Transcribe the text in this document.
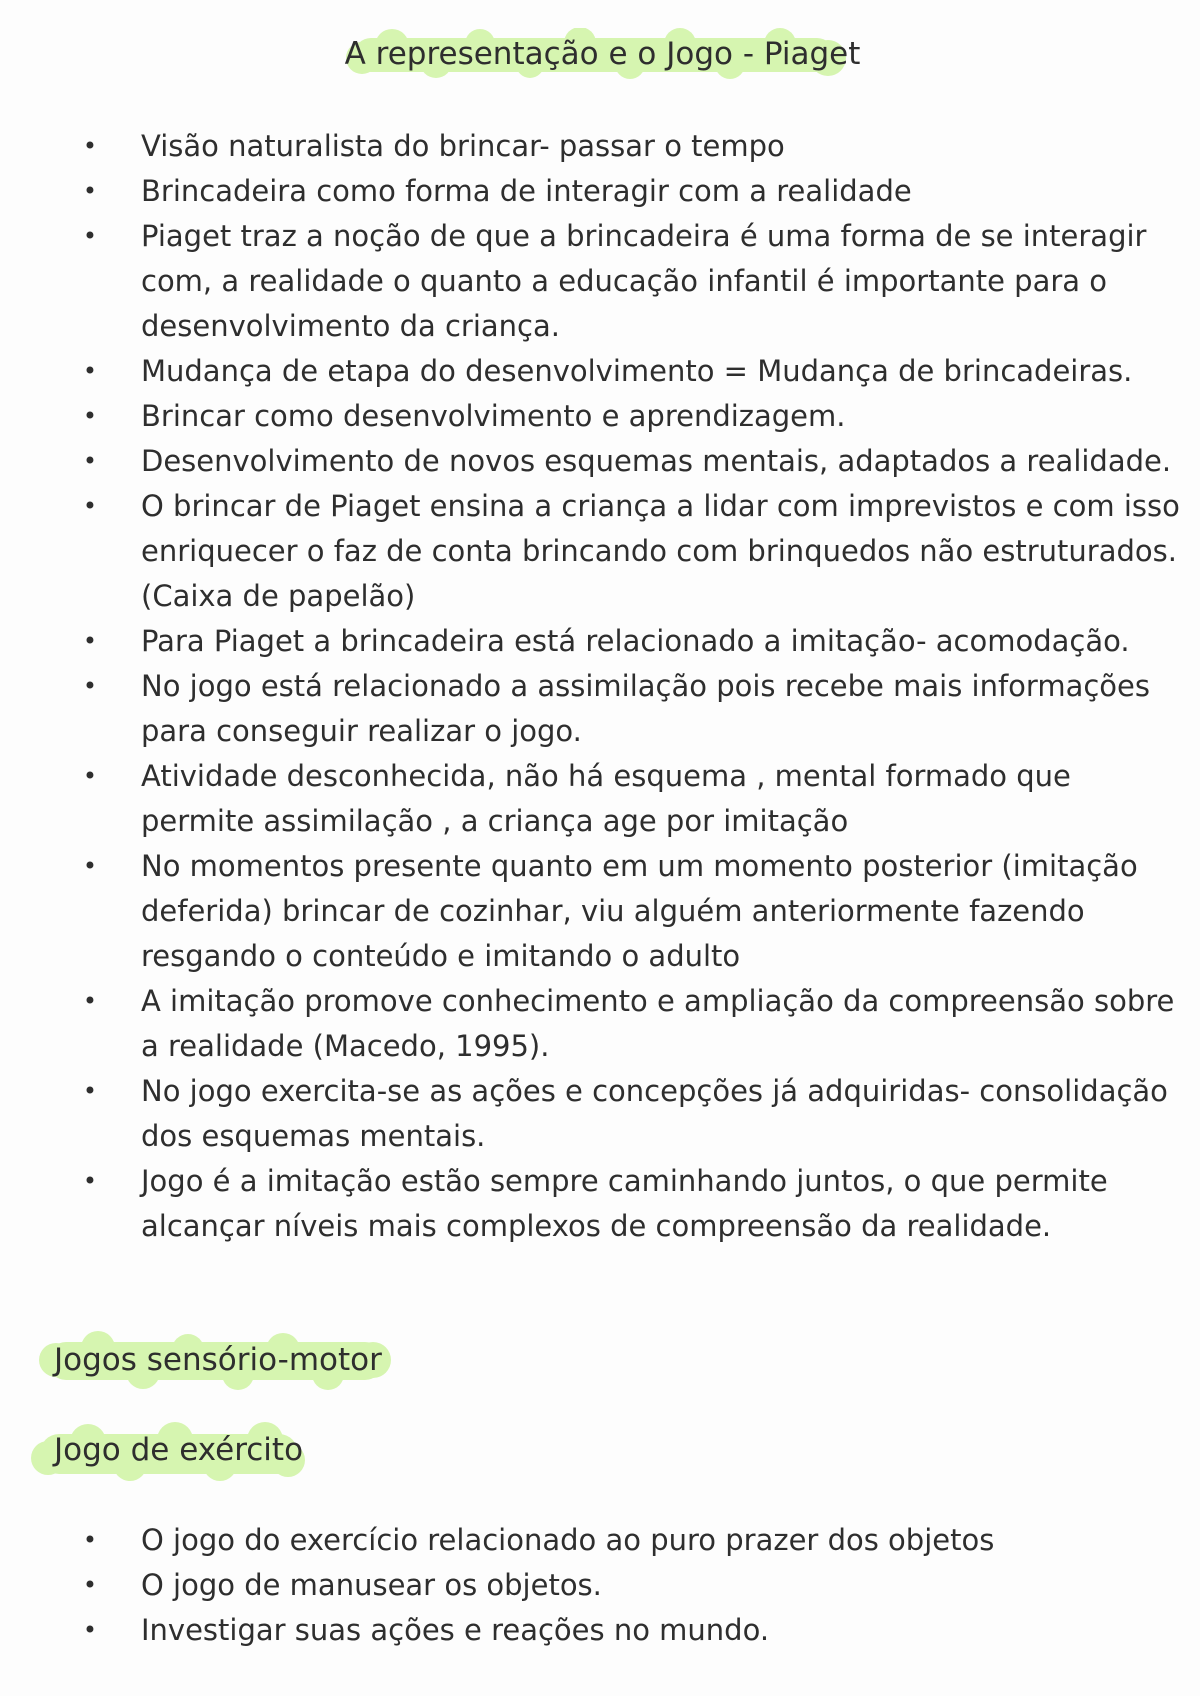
A representação e o Jogo - Piaget
• Visão naturalista do brincar- passar o tempo
• Brincadeira como forma de interagir com a realidade
• Piaget traz a noção de que a brincadeira é uma forma de se interagir com, a realidade o quanto a educação infantil é importante para o desenvolvimento da criança.
• Mudança de etapa do desenvolvimento = Mudança de brincadeiras.
• Brincar como desenvolvimento e aprendizagem.
• Desenvolvimento de novos esquemas mentais, adaptados a realidade.
• O brincar de Piaget ensina a criança a lidar com imprevistos e com isso enriquecer o faz de conta brincando com brinquedos não estruturados. (Caixa de papelão)
• Para Piaget a brincadeira está relacionado a imitação- acomodação.
• No jogo está relacionado a assimilação pois recebe mais informações para conseguir realizar o jogo.
• Atividade desconhecida, não há esquema , mental formado que permite assimilação , a criança age por imitação
• No momentos presente quanto em um momento posterior (imitação deferida) brincar de cozinhar, viu alguém anteriormente fazendo resgando o conteúdo e imitando o adulto
• A imitação promove conhecimento e ampliação da compreensão sobre a realidade (Macedo, 1995).
• No jogo exercita-se as ações e concepções já adquiridas- consolidação dos esquemas mentais.
• Jogo é a imitação estão sempre caminhando juntos, o que permite alcançar níveis mais complexos de compreensão da realidade.
Jogos sensório-motor
Jogo de exército
• O jogo do exercício relacionado ao puro prazer dos objetos
• O jogo de manusear os objetos.
• Investigar suas ações e reações no mundo.
